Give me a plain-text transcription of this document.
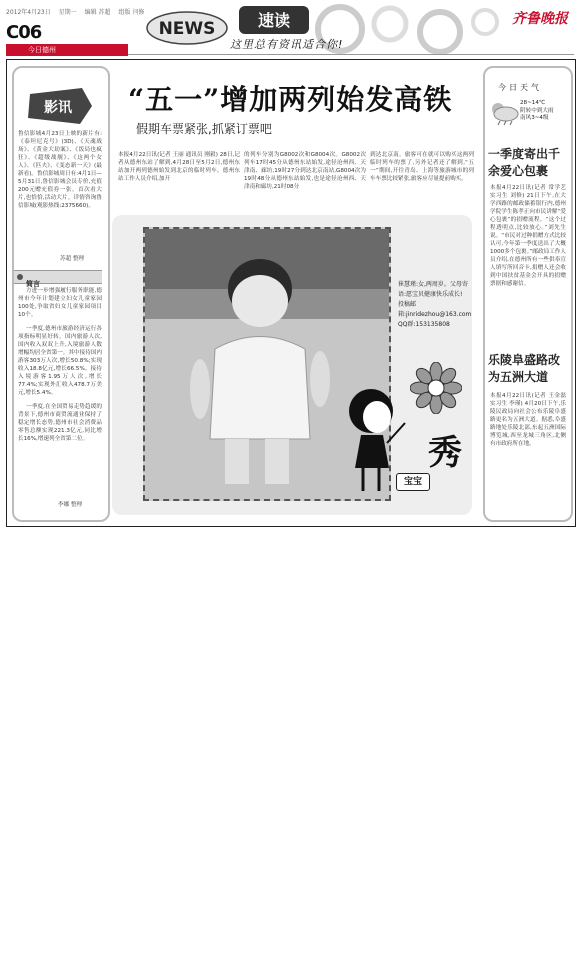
2012年4月23日 星期一 编辑 苏超 组版 闫修
C06
今日德州
NEWS	速读
这里总有资讯适合你!
齐鲁晚报
影讯
鲁信影城4月23日上映的新片有:《泰坦尼克号》(3D)、《天魂战场》、《黄金大劫案》、《饭局也疯狂》、《超级战舰》、《这两个女人》、《匹夫》、《变态新一天》(最新看)。鲁信影城周日有:4月1日—5月31日,鲁信影城会员专价,充值200元赠充值券一张。首次看大片,也恰恰,活动大片。详情咨询鲁信影城(观影热线:2375660)。
苏超 整理
简言

方进一步增强履行服务职能,德州市今年计划建立妇女儿童家园100处,争取省妇女儿童家园项目10个。

一季度,德州市旅游经济运行各项指标明显好转。国内旅游人次,国内收入双双上升,入境旅游人数增幅均居全省第一。其中接待国内游客303万人次,增长50.8%;实现收入18.8亿元,增长66.5%。接待入境游客1.95万人次,增长77.4%;实现外汇收入478.7万美元,增长5.4%。

一季度,在全国贸易走势趋缓的背景下,德州市商贸流通业保持了稳定增长态势,德州市社会消费品零售总额实现221.3亿元,同比增长16%,增速列全省第二位。

李娜 整理
“五一”增加两列始发高铁
假期车票紧张,抓紧订票吧
本报4月22日讯(记者 王丽 通讯员 刚毅) 28日,记者从德州东站了解到,4月28日至5月2日,德州东站加开两列德州始发到北京的临时列车。德州东站工作人员介绍,加开
的列车分别为G8002次和G8004次。G8002次列车17时45分从德州东站始发,途径沧州西、天津南、廊坊,19时27分到达北京南站,G8004次为19时48分从德州东站始发,也是途径沧州西、天津南和廊坊,21时08分
到达北京南。旅客可在就可以购买这两列临时列车的票了,另外记者还了解到,“五一”期间,开往青岛、上海等旅游城市的列车车票比较紧张,旅客应尽量提前购买。
崔慧瑾:女,两周岁。父母寄语:愿宝贝健康快乐成长!投稿邮箱:jinridezhou@163.com QQ群:153135808
宝宝
秀
今日天气
28~14℃
阴转中到大雨
南风3~4级
一季度寄出千余爱心包裹
本报4月22日讯(记者 常学艺 实习生 刘修) 21日下午,在大学西路的邮政储蓄银行内,德州学院学生陈孝正向市民讲解“爱心包裹”的捐赠流程。“这个过程透明点,比较放心。”刘先生说。“市民对过种捐赠方式比较认可,今年第一季度送出了大概1000多个包裹。”邮政局工作人员介绍,在德州所有一些供奉宣人填写所回音卡,捐赠人还会收到中国扶贫基金会开具的捐赠票据和感谢信。
乐陵阜盛路改为五洲大道
本报4月22日讯(记者 王金磊 实习生 李瑾) 4月20日下午,乐陵民政局向社会公布乐陵阜盛路更名为五洲大道。据悉,阜盛路地处乐陵北部,东起五洲国际博览城,西至龙城三角区,北侧有市政府所在地。
